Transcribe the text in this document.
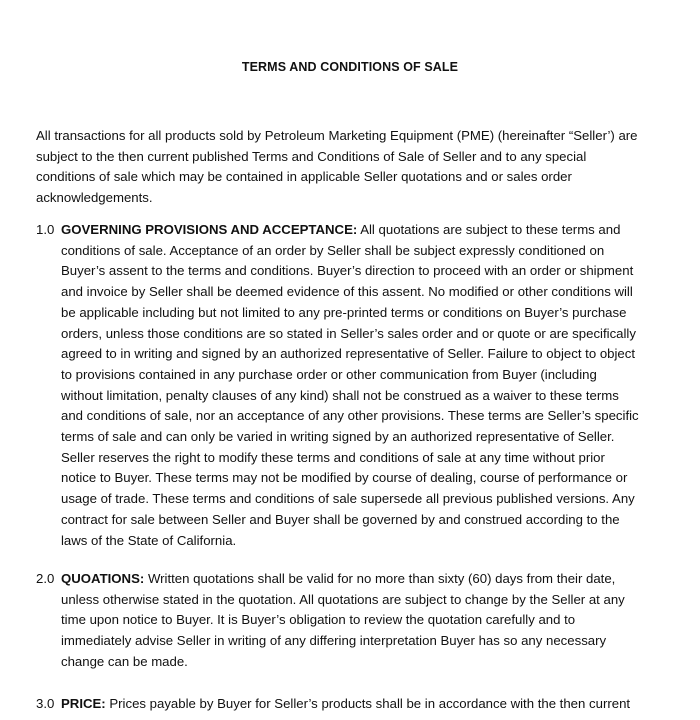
TERMS AND CONDITIONS OF SALE
All transactions for all products sold by Petroleum Marketing Equipment (PME) (hereinafter “Seller’) are
subject to the then current published Terms and Conditions of Sale of Seller and to any special
conditions of sale which may be contained in applicable Seller quotations and or sales order
acknowledgements.
1.0 GOVERNING PROVISIONS AND ACCEPTANCE: All quotations are subject to these terms and
conditions of sale. Acceptance of an order by Seller shall be subject expressly conditioned on
Buyer’s assent to the terms and conditions. Buyer’s direction to proceed with an order or shipment
and invoice by Seller shall be deemed evidence of this assent. No modified or other conditions will
be applicable including but not limited to any pre-printed terms or conditions on Buyer’s purchase
orders, unless those conditions are so stated in Seller’s sales order and or quote or are specifically
agreed to in writing and signed by an authorized representative of Seller. Failure to object to object
to provisions contained in any purchase order or other communication from Buyer (including
without limitation, penalty clauses of any kind) shall not be construed as a waiver to these terms
and conditions of sale, nor an acceptance of any other provisions. These terms are Seller’s specific
terms of sale and can only be varied in writing signed by an authorized representative of Seller.
Seller reserves the right to modify these terms and conditions of sale at any time without prior
notice to Buyer. These terms may not be modified by course of dealing, course of performance or
usage of trade. These terms and conditions of sale supersede all previous published versions. Any
contract for sale between Seller and Buyer shall be governed by and construed according to the
laws of the State of California.
2.0 QUOATIONS: Written quotations shall be valid for no more than sixty (60) days from their date,
unless otherwise stated in the quotation. All quotations are subject to change by the Seller at any
time upon notice to Buyer. It is Buyer’s obligation to review the quotation carefully and to
immediately advise Seller in writing of any differing interpretation Buyer has so any necessary
change can be made.
3.0 PRICE: Prices payable by Buyer for Seller’s products shall be in accordance with the then current
